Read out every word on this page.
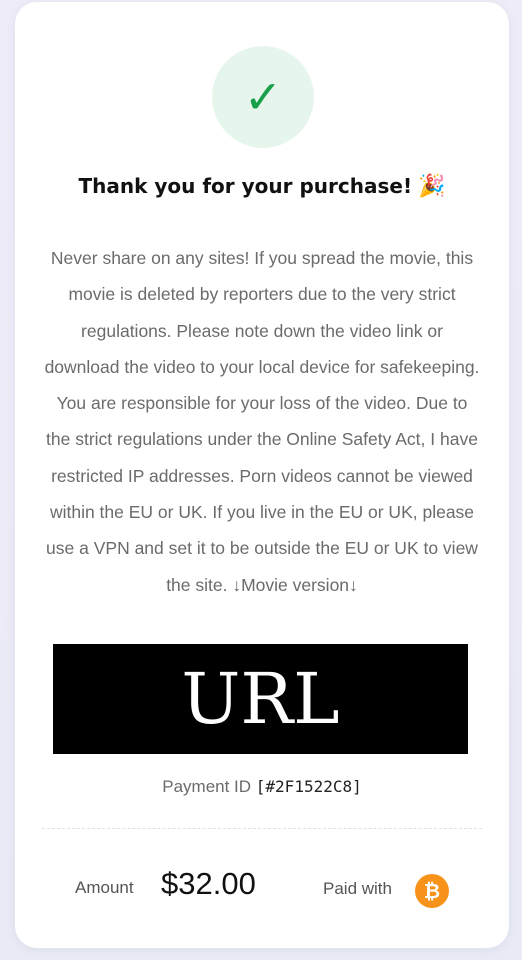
✓
Thank you for your purchase! 🎉
Never share on any sites! If you spread the movie, this movie is deleted by reporters due to the very strict regulations. Please note down the video link or download the video to your local device for safekeeping. You are responsible for your loss of the video. Due to the strict regulations under the Online Safety Act, I have restricted IP addresses. Porn videos cannot be viewed within the EU or UK. If you live in the EU or UK, please use a VPN and set it to be outside the EU or UK to view the site. ↓Movie version↓
URL
Payment ID [#2F1522C8]
Amount $32.00	Paid with	₿
